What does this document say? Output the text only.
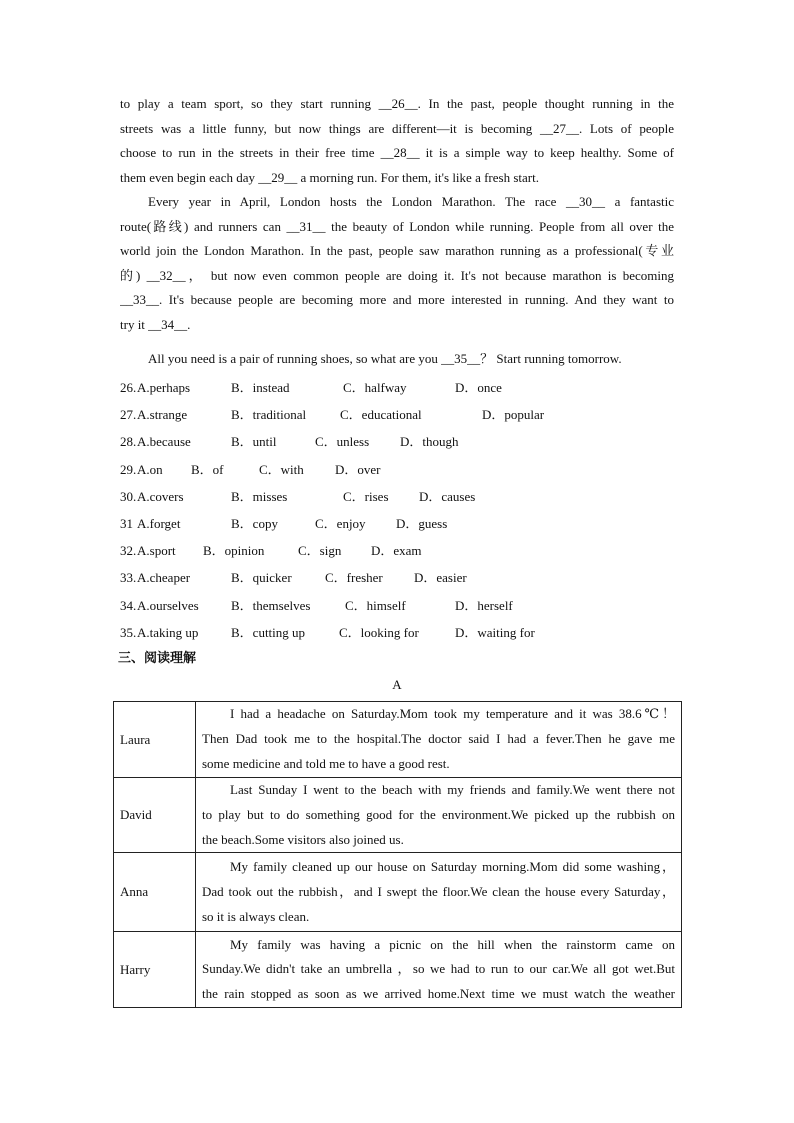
to play a team sport, so they start running __26__. In the past, people thought running in the
streets was a little funny, but now things are different—it is becoming __27__. Lots of people
choose to run in the streets in their free time __28__ it is a simple way to keep healthy. Some of
them even begin each day __29__ a morning run. For them, it's like a fresh start.
Every year in April, London hosts the London Marathon. The race __30__ a fantastic
route(路线) and runners can __31__ the beauty of London while running. People from all over the
world join the London Marathon. In the past, people saw marathon running as a professional(专业
的) __32__， but now even common people are doing it. It's not because marathon is becoming
__33__. It's because people are becoming more and more interested in running. And they want to
try it __34__.
All you need is a pair of running shoes, so what are you __35__？ Start running tomorrow.
26. A.perhaps	B．instead	C．halfway	D．once
27. A.strange	B．traditional	C．educational	D．popular
28. A.because	B．until	C．unless D．though
29. A.on B．of	C．with D．over
30. A.covers	B．misses	C．rises D．causes
31 A.forget	B．copy	C．enjoy D．guess
32. A.sport B．opinion	C．sign D．exam
33. A.cheaper	B．quicker	C．fresher D．easier
34. A.ourselves B．themselves	C．himself	D．herself
35. A.taking up	B．cutting up	C．looking for	D．waiting for
三、阅读理解
A
Laura	I had a headache on Saturday.Mom took my temperature and it was 38.6℃！
Then Dad took me to the hospital.The doctor said I had a fever.Then he gave me
some medicine and told me to have a good rest.

David	Last Sunday I went to the beach with my friends and family.We went there not
to play but to do something good for the environment.We picked up the rubbish on
the beach.Some visitors also joined us.

Anna	My family cleaned up our house on Saturday morning.Mom did some washing，
Dad took out the rubbish，and I swept the floor.We clean the house every Saturday，
so it is always clean.

Harry	My family was having a picnic on the hill when the rainstorm came on
Sunday.We didn't take an umbrella ，so we had to run to our car.We all got wet.But
the rain stopped as soon as we arrived home.Next time we must watch the weather
